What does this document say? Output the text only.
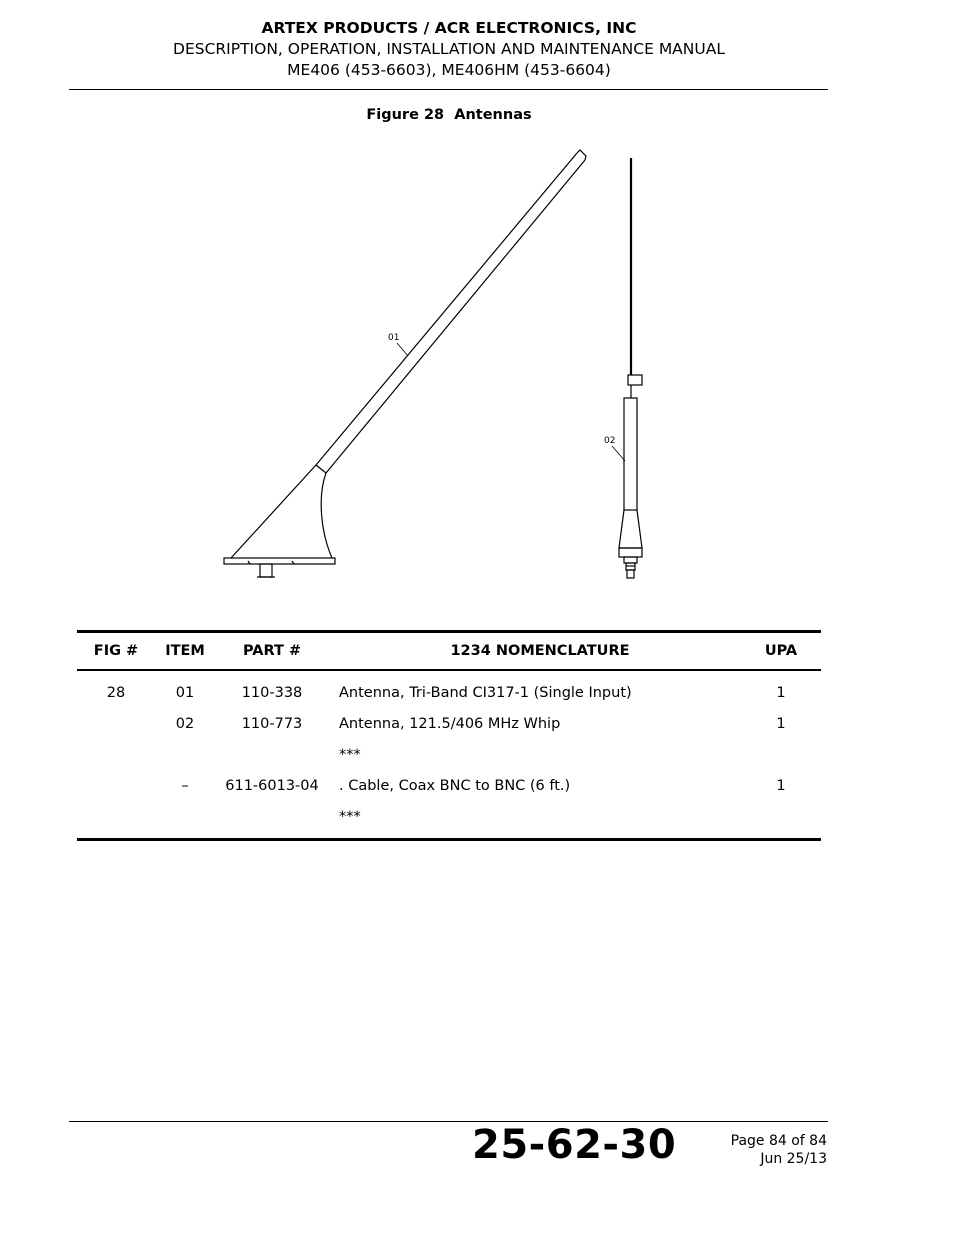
ARTEX PRODUCTS / ACR ELECTRONICS, INC
DESCRIPTION, OPERATION, INSTALLATION AND MAINTENANCE MANUAL
ME406 (453-6603), ME406HM (453-6604)
Figure 28  Antennas
01
02
FIG #	ITEM	PART #	1234 NOMENCLATURE	UPA
28	01	110-338	Antenna, Tri-Band CI317-1 (Single Input)	1
	02	110-773	Antenna, 121.5/406 MHz Whip	1
			***	
	–	611-6013-04	. Cable, Coax BNC to BNC (6 ft.)	1
			***	
25-62-30	Page 84 of 84
Jun 25/13
